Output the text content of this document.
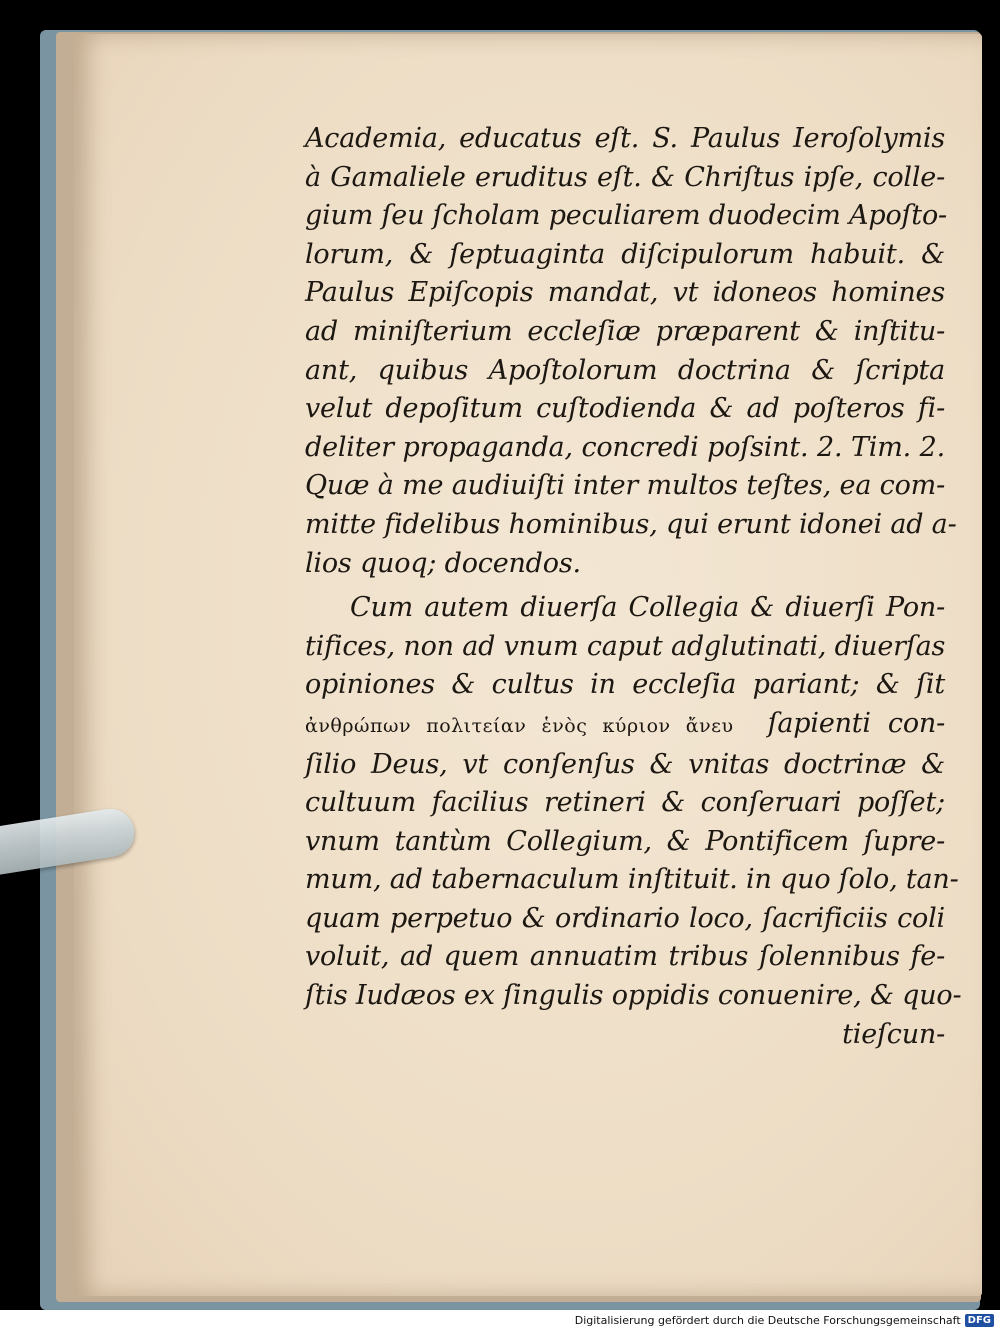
Academia, educatus eſt. S. Paulus Ieroſolymis
à Gamaliele eruditus eſt. & Chriſtus ipſe, colle-
gium ſeu ſcholam peculiarem duodecim Apoſto-
lorum, & ſeptuaginta diſcipulorum habuit. &
Paulus Epiſcopis mandat, vt idoneos homines
ad miniſterium eccleſiæ præparent & inſtitu-
ant, quibus Apoſtolorum doctrina & ſcripta
velut depoſitum cuſtodienda & ad poſteros fi-
deliter propaganda, concredi poſsint. 2. Tim. 2.
Quæ à me audiuiſti inter multos teſtes, ea com-
mitte fidelibus hominibus, qui erunt idonei ad a-
lios quoq; docendos.
Cum autem diuerſa Collegia & diuerſi Pon-
tifices, non ad vnum caput adglutinati, diuerſas
opiniones & cultus in eccleſia pariant; & ſit
ἀνθρώπων πολιτείαν ἑνὸς κύριον ἄνευ ſapienti con-
ſilio Deus, vt conſenſus & vnitas doctrinæ &
cultuum facilius retineri & conſeruari poſſet;
vnum tantùm Collegium, & Pontificem ſupre-
mum, ad tabernaculum inſtituit. in quo ſolo, tan-
quam perpetuo & ordinario loco, ſacrificiis coli
voluit, ad quem annuatim tribus ſolennibus fe-
ſtis Iudæos ex ſingulis oppidis conuenire, & quo-
tieſcun-
Digitalisierung gefördert durch die Deutsche Forschungsgemeinschaft DFG
